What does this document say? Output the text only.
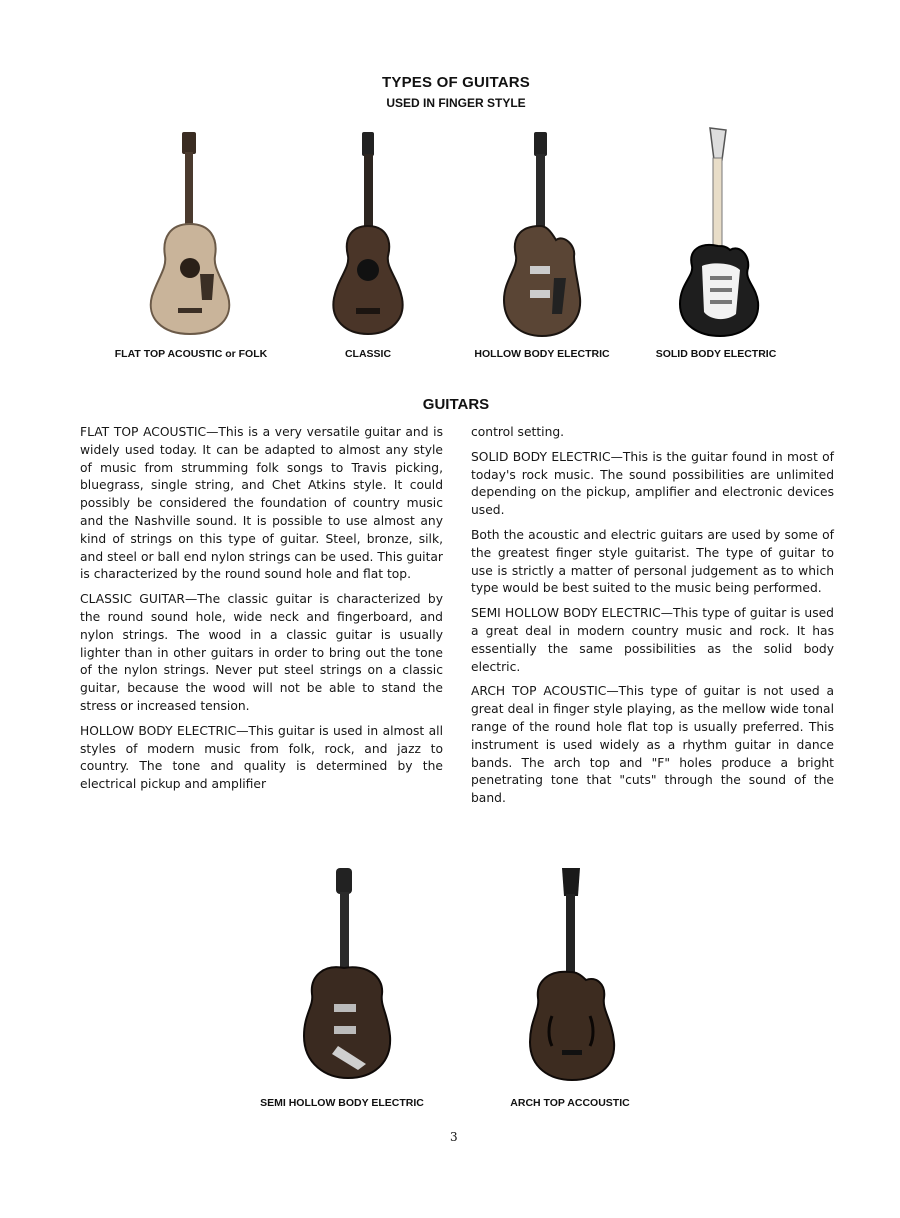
TYPES OF GUITARS
USED IN FINGER STYLE
FLAT TOP ACOUSTIC or FOLK	CLASSIC	HOLLOW BODY ELECTRIC	SOLID BODY ELECTRIC
GUITARS

FLAT TOP ACOUSTIC—This is a very versatile guitar and is widely used today. It can be adapted to almost any style of music from strumming folk songs to Travis picking, bluegrass, single string, and Chet Atkins style. It could possibly be considered the foundation of country music and the Nashville sound. It is possible to use almost any kind of strings on this type of guitar. Steel, bronze, silk, and steel or ball end nylon strings can be used. This guitar is characterized by the round sound hole and flat top.

CLASSIC GUITAR—The classic guitar is characterized by the round sound hole, wide neck and fingerboard, and nylon strings. The wood in a classic guitar is usually lighter than in other guitars in order to bring out the tone of the nylon strings. Never put steel strings on a classic guitar, because the wood will not be able to stand the stress or increased tension.

HOLLOW BODY ELECTRIC—This guitar is used in almost all styles of modern music from folk, rock, and jazz to country. The tone and quality is determined by the electrical pickup and amplifier

control setting.

SOLID BODY ELECTRIC—This is the guitar found in most of today's rock music. The sound possibilities are unlimited depending on the pickup, amplifier and electronic devices used.

Both the acoustic and electric guitars are used by some of the greatest finger style guitarist. The type of guitar to use is strictly a matter of personal judgement as to which type would be best suited to the music being performed.

SEMI HOLLOW BODY ELECTRIC—This type of guitar is used a great deal in modern country music and rock. It has essentially the same possibilities as the solid body electric.

ARCH TOP ACOUSTIC—This type of guitar is not used a great deal in finger style playing, as the mellow wide tonal range of the round hole flat top is usually preferred. This instrument is used widely as a rhythm guitar in dance bands. The arch top and "F" holes produce a bright penetrating tone that "cuts" through the sound of the band.

SEMI HOLLOW BODY ELECTRIC	ARCH TOP ACCOUSTIC
3
